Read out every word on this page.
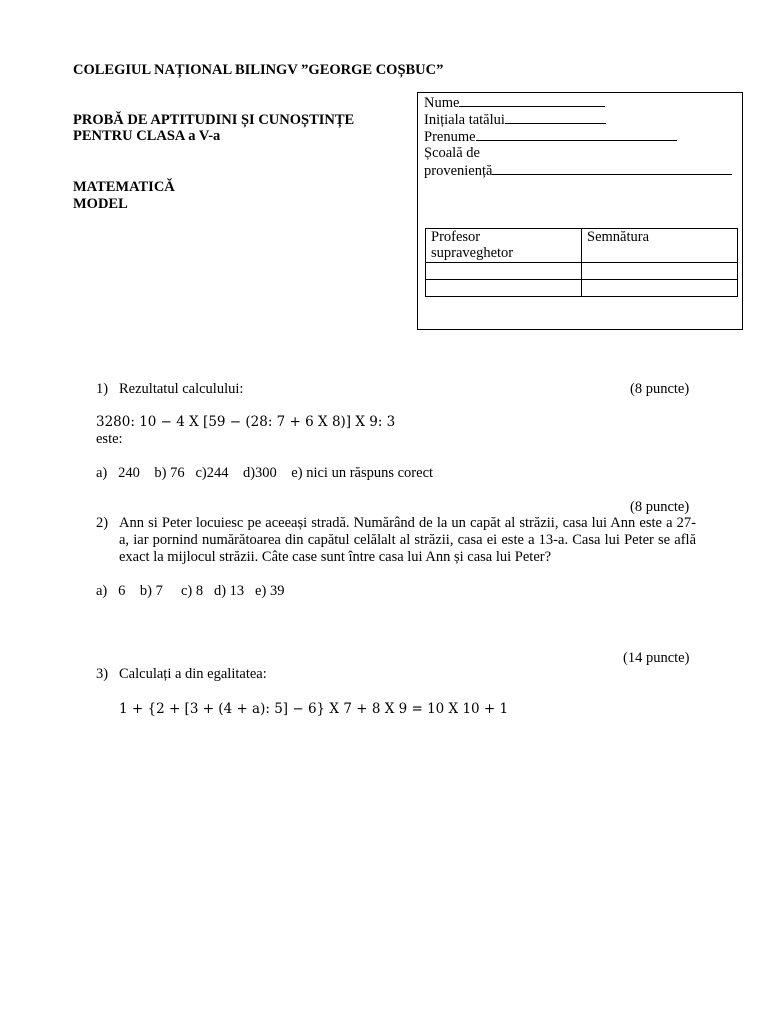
COLEGIUL NAȚIONAL BILINGV ”GEORGE COȘBUC”
PROBĂ DE APTITUDINI ȘI CUNOȘTINȚE
PENTRU CLASA a V-a
MATEMATICĂ
MODEL
Nume
Inițiala tatălui
Prenume
Școală de
proveniență
Profesor
supraveghetor	Semnătura

1) Rezultatul calculului:	(8 puncte)
3280: 10 − 4 X [59 − (28: 7 + 6 X 8)] X 9: 3
este:
a)   240    b) 76   c)244    d)300    e) nici un răspuns corect
(8 puncte)
2) Ann si Peter locuiesc pe aceeași stradă. Numărând de la un capăt al străzii, casa lui Ann este a 27-a, iar pornind numărătoarea din capătul celălalt al străzii, casa ei este a 13-a. Casa lui Peter se află exact la mijlocul străzii. Câte case sunt între casa lui Ann și casa lui Peter?
a)   6    b) 7     c) 8   d) 13   e) 39
(14 puncte)
3) Calculați a din egalitatea:
1 + {2 + [3 + (4 + a): 5] − 6} X 7 + 8 X 9 = 10 X 10 + 1
